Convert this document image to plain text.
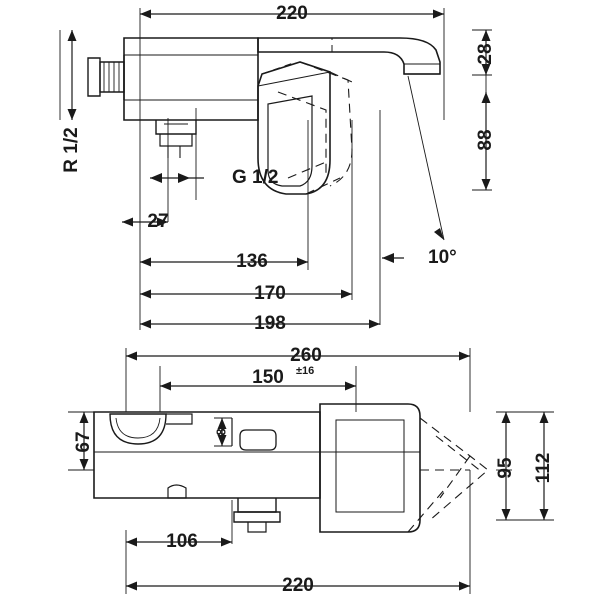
220
28
88
R 1/2
G 1/2
27
136
170
198
10°
260
150 ±16
67	8
95 112
106
220
